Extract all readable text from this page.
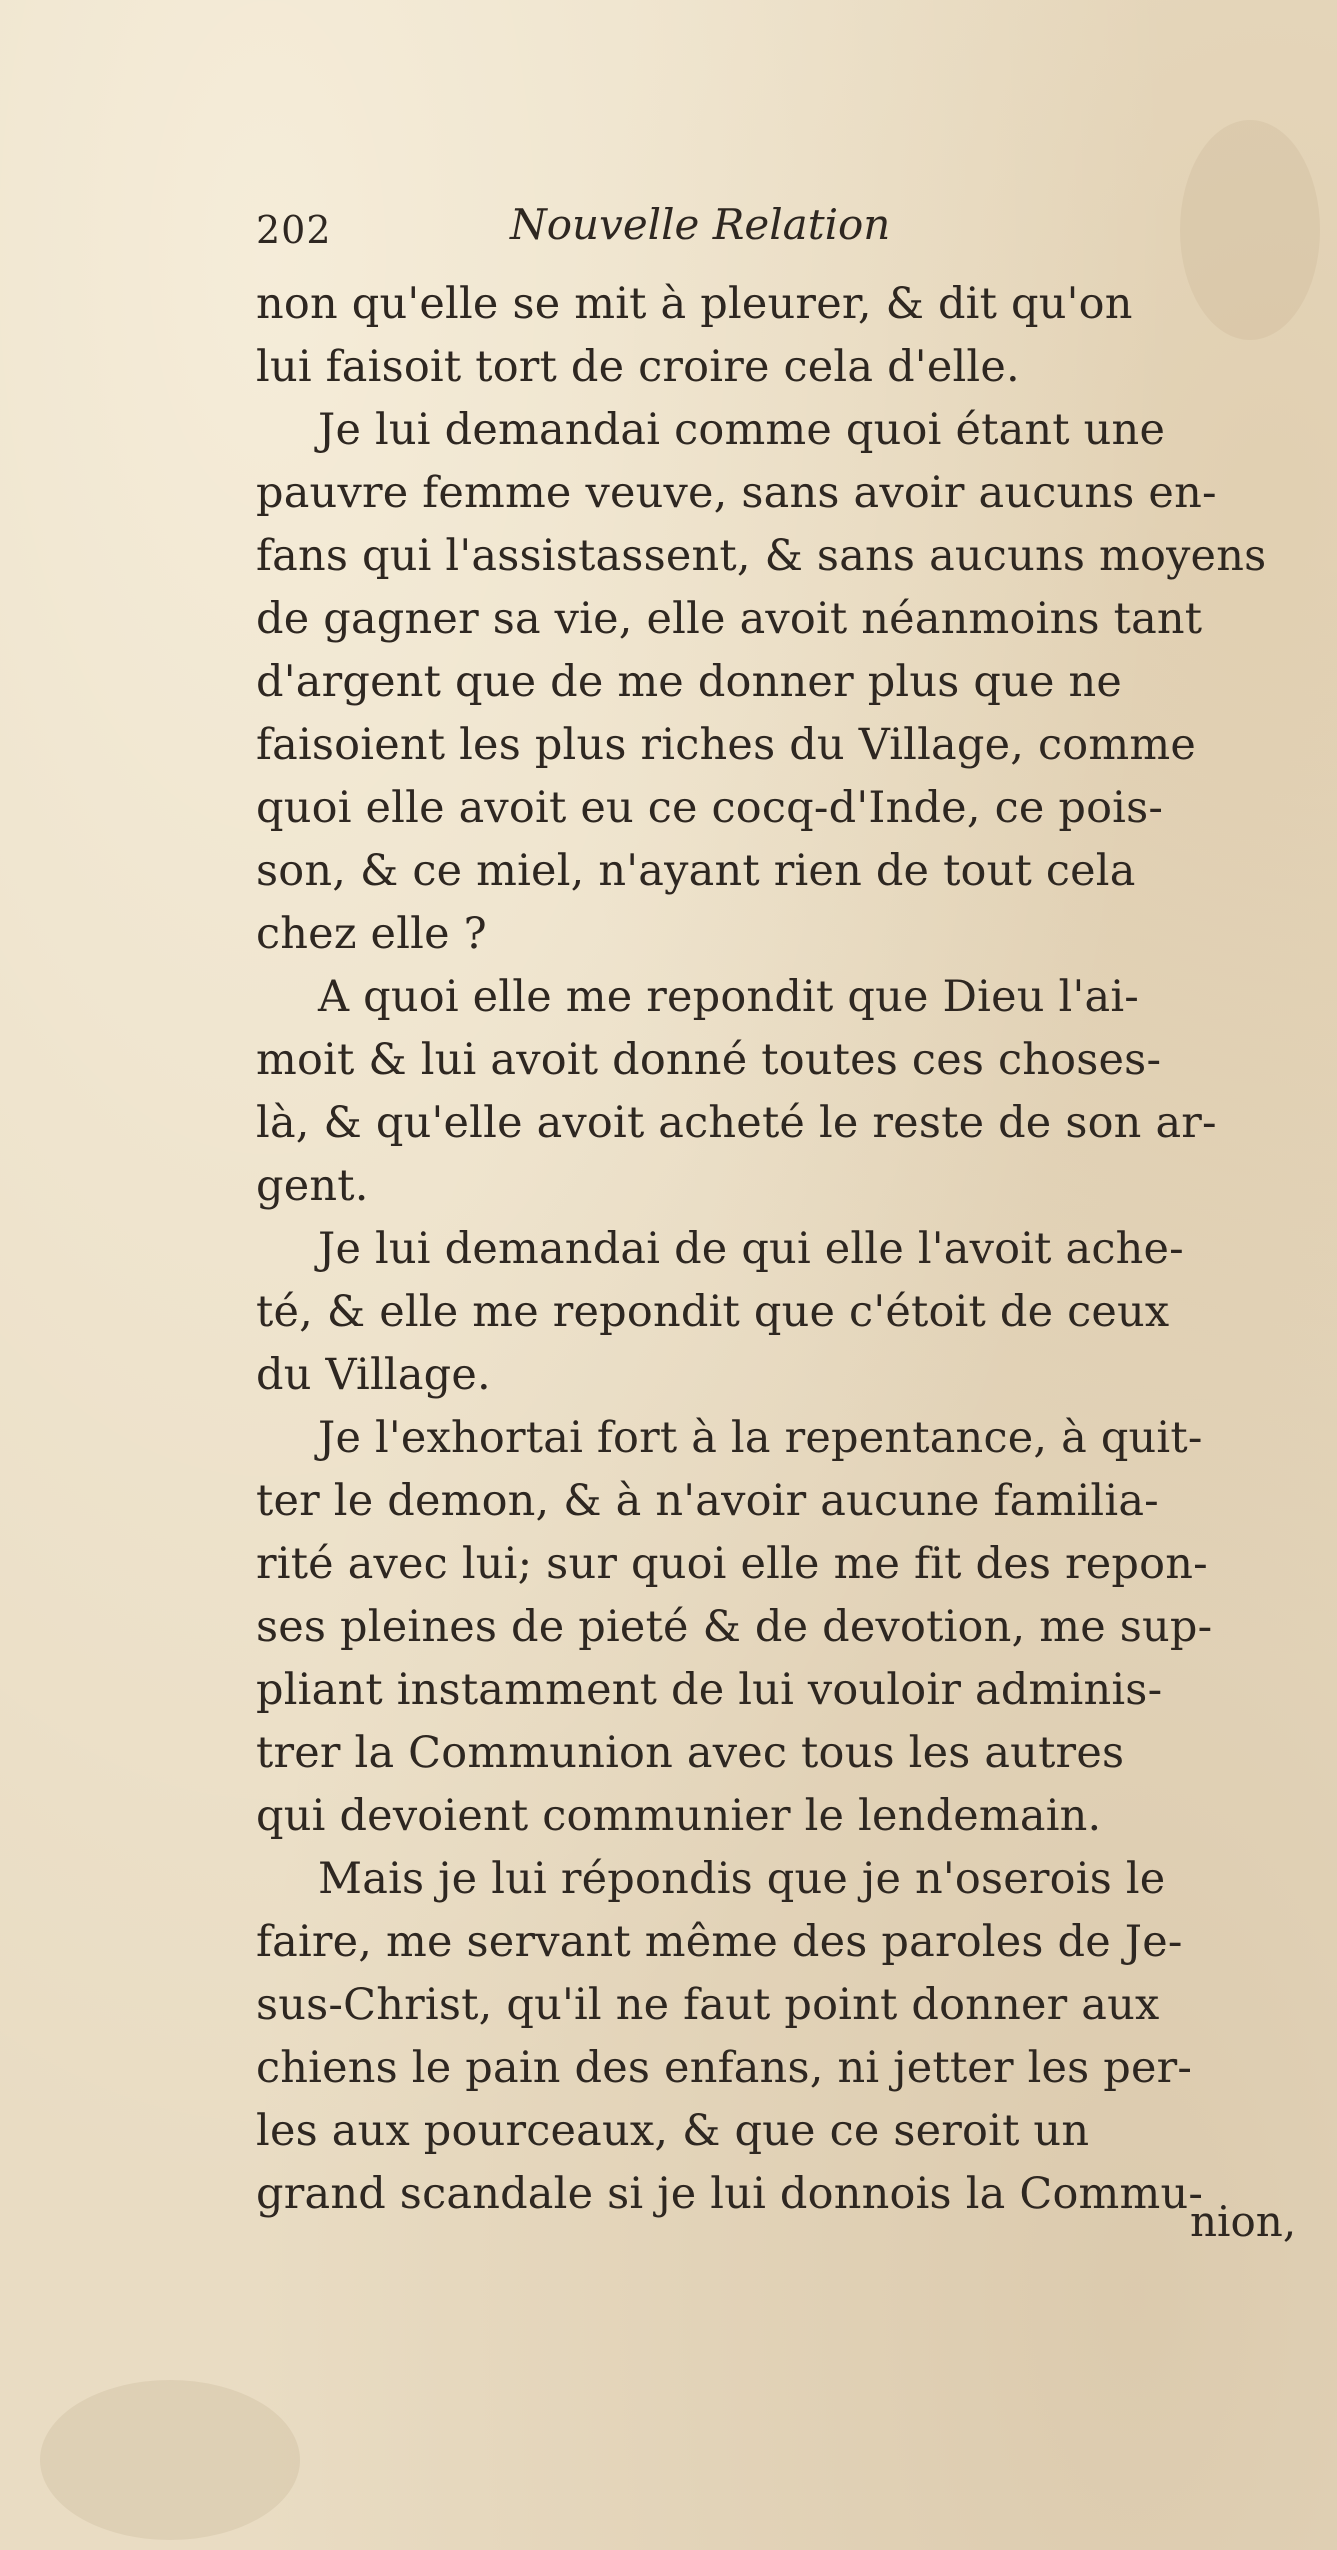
202	Nouvelle Relation
non qu'elle se mit à pleurer, & dit qu'on
lui faisoit tort de croire cela d'elle.
Je lui demandai comme quoi étant une
pauvre femme veuve, sans avoir aucuns en-
fans qui l'assistassent, & sans aucuns moyens
de gagner sa vie, elle avoit néanmoins tant
d'argent que de me donner plus que ne
faisoient les plus riches du Village, comme
quoi elle avoit eu ce cocq-d'Inde, ce pois-
son, & ce miel, n'ayant rien de tout cela
chez elle ?
A quoi elle me repondit que Dieu l'ai-
moit & lui avoit donné toutes ces choses-
là, & qu'elle avoit acheté le reste de son ar-
gent.
Je lui demandai de qui elle l'avoit ache-
té, & elle me repondit que c'étoit de ceux
du Village.
Je l'exhortai fort à la repentance, à quit-
ter le demon, & à n'avoir aucune familia-
rité avec lui; sur quoi elle me fit des repon-
ses pleines de pieté & de devotion, me sup-
pliant instamment de lui vouloir adminis-
trer la Communion avec tous les autres
qui devoient communier le lendemain.
Mais je lui répondis que je n'oserois le
faire, me servant même des paroles de Je-
sus-Christ, qu'il ne faut point donner aux
chiens le pain des enfans, ni jetter les per-
les aux pourceaux, & que ce seroit un
grand scandale si je lui donnois la Commu-
nion,
